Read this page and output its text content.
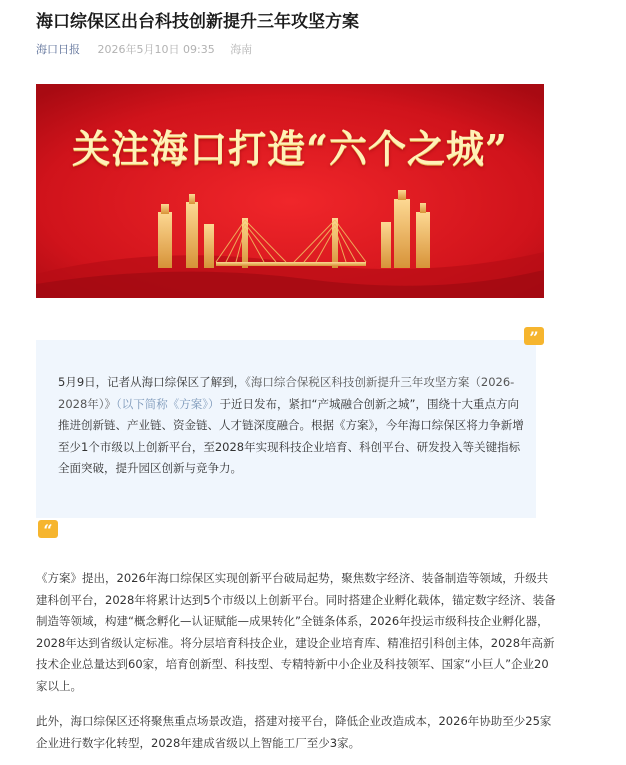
海口综保区出台科技创新提升三年攻坚方案
海口日报 2026年5月10日 09:35 海南
关注海口打造“六个之城”
”

5月9日，记者从海口综保区了解到，《海口综合保税区科技创新提升三年攻坚方案（2026-2028年）》（以下简称《方案》）于近日发布，紧扣“产城融合创新之城”，围绕十大重点方向推进创新链、产业链、资金链、人才链深度融合。根据《方案》，今年海口综保区将力争新增至少1个市级以上创新平台，至2028年实现科技企业培育、科创平台、研发投入等关键指标全面突破，提升园区创新与竞争力。

“

《方案》提出，2026年海口综保区实现创新平台破局起势，聚焦数字经济、装备制造等领域，升级共建科创平台，2028年将累计达到5个市级以上创新平台。同时搭建企业孵化载体，锚定数字经济、装备制造等领域，构建“概念孵化—认证赋能—成果转化”全链条体系，2026年投运市级科技企业孵化器，2028年达到省级认定标准。将分层培育科技企业，建设企业培育库、精准招引科创主体，2028年高新技术企业总量达到60家，培育创新型、科技型、专精特新中小企业及科技领军、国家“小巨人”企业20家以上。

此外，海口综保区还将聚焦重点场景改造，搭建对接平台，降低企业改造成本，2026年协助至少25家企业进行数字化转型，2028年建成省级以上智能工厂至少3家。
